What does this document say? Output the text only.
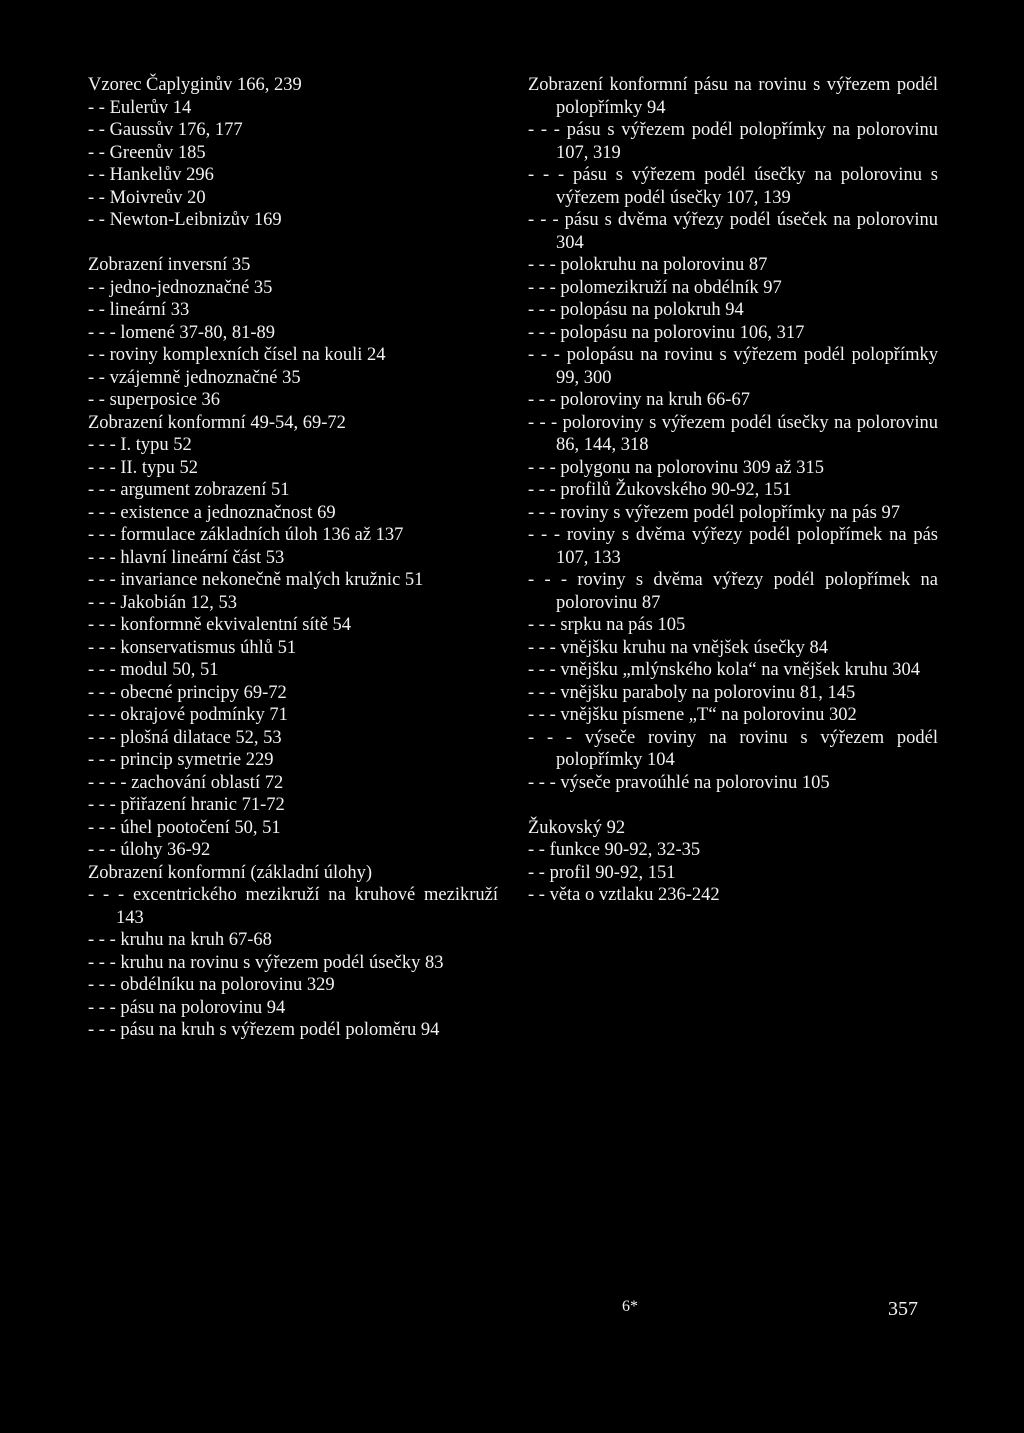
Vzorec Čaplyginův 166, 239
- - Eulerův 14
- - Gaussův 176, 177
- - Greenův 185
- - Hankelův 296
- - Moivreův 20
- - Newton-Leibnizův 169
Zobrazení inversní 35
- - jedno-jednoznačné 35
- - lineární 33
- - - lomené 37-80, 81-89
- - roviny komplexních čísel na kouli 24
- - vzájemně jednoznačné 35
- - superposice 36
Zobrazení konformní 49-54, 69-72
- - - I. typu 52
- - - II. typu 52
- - - argument zobrazení 51
- - - existence a jednoznačnost 69
- - - formulace základních úloh 136 až 137
- - - hlavní lineární část 53
- - - invariance nekonečně malých kružnic 51
- - - Jakobián 12, 53
- - - konformně ekvivalentní sítě 54
- - - konservatismus úhlů 51
- - - modul 50, 51
- - - obecné principy 69-72
- - - okrajové podmínky 71
- - - plošná dilatace 52, 53
- - - princip symetrie 229
- - - - zachování oblastí 72
- - - přiřazení hranic 71-72
- - - úhel pootočení 50, 51
- - - úlohy 36-92
Zobrazení konformní (základní úlohy)
- - - excentrického mezikruží na kruhové mezikruží 143
- - - kruhu na kruh 67-68
- - - kruhu na rovinu s výřezem podél úsečky 83
- - - obdélníku na polorovinu 329
- - - pásu na polorovinu 94
- - - pásu na kruh s výřezem podél poloměru 94
Zobrazení konformní pásu na rovinu s výřezem podél polopřímky 94
- - - pásu s výřezem podél polopřímky na polorovinu 107, 319
- - - pásu s výřezem podél úsečky na polorovinu s výřezem podél úsečky 107, 139
- - - pásu s dvěma výřezy podél úseček na polorovinu 304
- - - polokruhu na polorovinu 87
- - - polomezikruží na obdélník 97
- - - polopásu na polokruh 94
- - - polopásu na polorovinu 106, 317
- - - polopásu na rovinu s výřezem podél polopřímky 99, 300
- - - poloroviny na kruh 66-67
- - - poloroviny s výřezem podél úsečky na polorovinu 86, 144, 318
- - - polygonu na polorovinu 309 až 315
- - - profilů Žukovského 90-92, 151
- - - roviny s výřezem podél polopřímky na pás 97
- - - roviny s dvěma výřezy podél polopřímek na pás 107, 133
- - - roviny s dvěma výřezy podél polopřímek na polorovinu 87
- - - srpku na pás 105
- - - vnějšku kruhu na vnějšek úsečky 84
- - - vnějšku „mlýnského kola“ na vnějšek kruhu 304
- - - vnějšku paraboly na polorovinu 81, 145
- - - vnějšku písmene „T“ na polorovinu 302
- - - výseče roviny na rovinu s výřezem podél polopřímky 104
- - - výseče pravoúhlé na polorovinu 105
Žukovský 92
- - funkce 90-92, 32-35
- - profil 90-92, 151
- - věta o vztlaku 236-242
6*	357
